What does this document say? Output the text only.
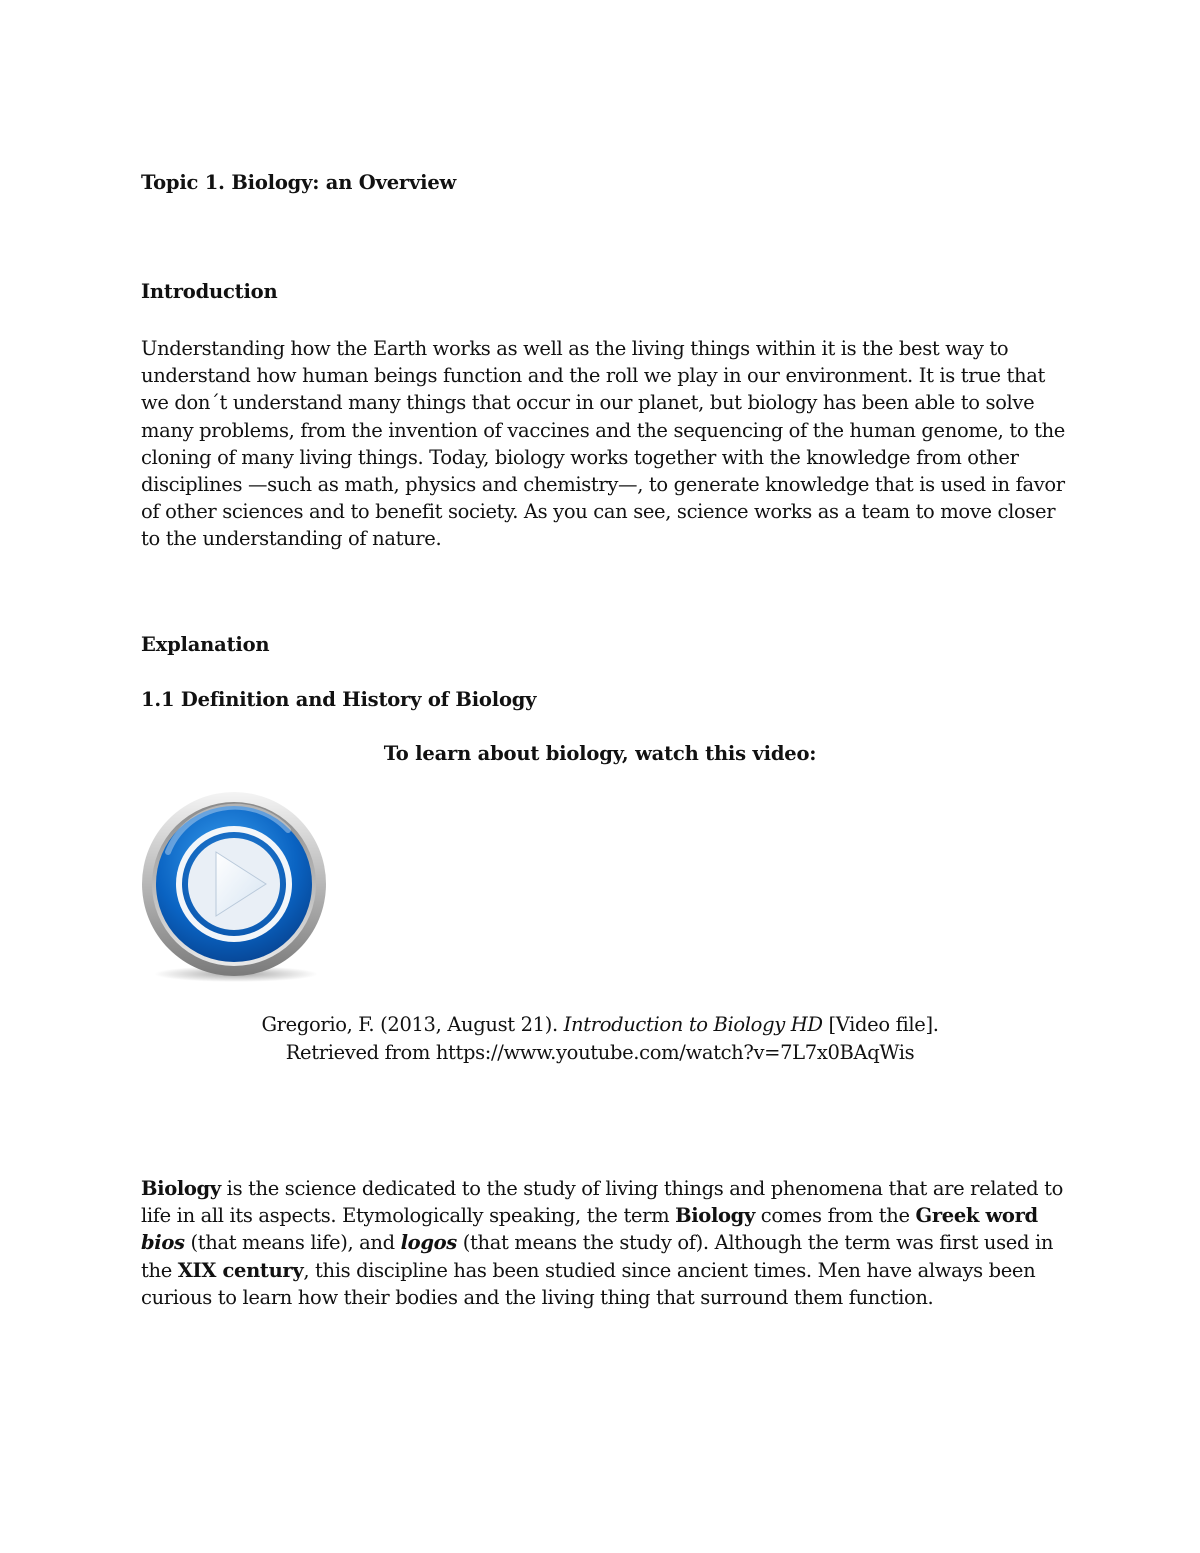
Topic 1. Biology: an Overview
Introduction

Understanding how the Earth works as well as the living things within it is the best way to
understand how human beings function and the roll we play in our environment. It is true that
we don´t understand many things that occur in our planet, but biology has been able to solve
many problems, from the invention of vaccines and the sequencing of the human genome, to the
cloning of many living things. Today, biology works together with the knowledge from other
disciplines —such as math, physics and chemistry—, to generate knowledge that is used in favor
of other sciences and to benefit society. As you can see, science works as a team to move closer
to the understanding of nature.

Explanation
1.1 Definition and History of Biology

To learn about biology, watch this video:

Gregorio, F. (2013, August 21). Introduction to Biology HD [Video file].
Retrieved from https://www.youtube.com/watch?v=7L7x0BAqWis

Biology is the science dedicated to the study of living things and phenomena that are related to
life in all its aspects. Etymologically speaking, the term Biology comes from the Greek word
bios (that means life), and logos (that means the study of). Although the term was first used in
the XIX century, this discipline has been studied since ancient times. Men have always been
curious to learn how their bodies and the living thing that surround them function.
